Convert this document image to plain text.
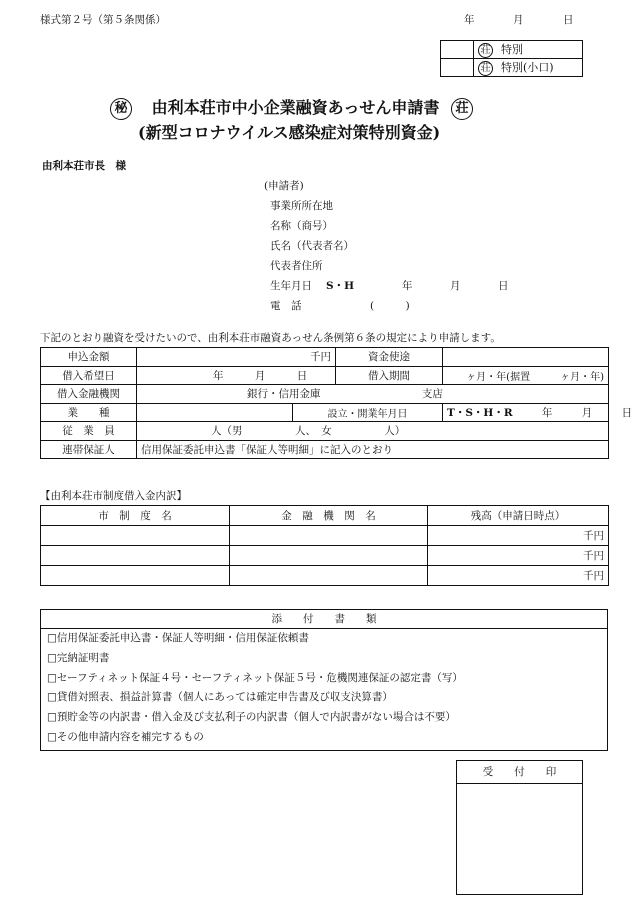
様式第２号（第５条関係）	年	月	日
	荘 特別
	荘 特別(小口)
秘 由利本荘市中小企業融資あっせん申請書 荘
(新型コロナウイルス感染症対策特別資金)
由利本荘市長　様
(申請者)
事業所所在地
名称（商号）
氏名（代表者名）
代表者住所
生年月日 S・H	年	月	日
電　話	(　　　)
下記のとおり融資を受けたいので、由利本荘市融資あっせん条例第６条の規定により申請します。
申込金額	千円		資金使途	
借入希望日	年 月 日		借入期間	ヶ月・年(据置　　　ヶ月・年)
借入金融機関	銀行・信用金庫 支店			
業　　種		設立・開業年月日		T・S・H・R 年 月 日
従　業　員	人（男　　　　　人、　女　　　　　人）			
連帯保証人	信用保証委託申込書「保証人等明細」に記入のとおり			
【由利本荘市制度借入金内訳】
市　制　度　名	金　融　機　関　名	残高（申請日時点）
		千円
		千円
		千円
添　　付　　書　　類
□信用保証委託申込書・保証人等明細・信用保証依頼書
□完納証明書
□セーフティネット保証４号・セーフティネット保証５号・危機関連保証の認定書（写）
□貸借対照表、損益計算書（個人にあっては確定申告書及び収支決算書）
□預貯金等の内訳書・借入金及び支払利子の内訳書（個人で内訳書がない場合は不要）
□その他申請内容を補完するもの
受　　付　　印
